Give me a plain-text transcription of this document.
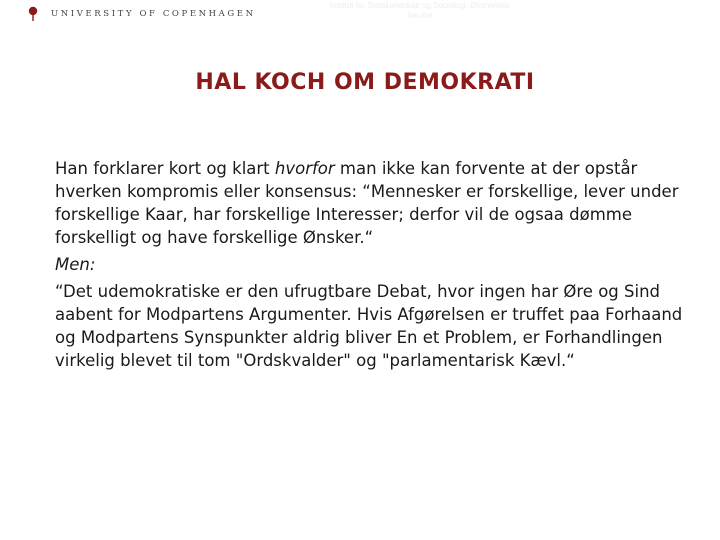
UNIVERSITY OF COPENHAGEN
Institut for Statskundskab og Sociologi, Økonomisk
fakultet
HAL KOCH OM DEMOKRATI

Han forklarer kort og klart hvorfor man ikke kan forvente at der opstår hverken kompromis eller konsensus: “Mennesker er forskellige, lever under forskellige Kaar, har forskellige Interesser; derfor vil de ogsaa dømme forskelligt og have forskellige Ønsker.“

Men:

“Det udemokratiske er den ufrugtbare Debat, hvor ingen har Øre og Sind aabent for Modpartens Argumenter. Hvis Afgørelsen er truffet paa Forhaand og Modpartens Synspunkter aldrig bliver En et Problem, er Forhandlingen virkelig blevet til tom "Ordskvalder" og "parlamentarisk Kævl.“
